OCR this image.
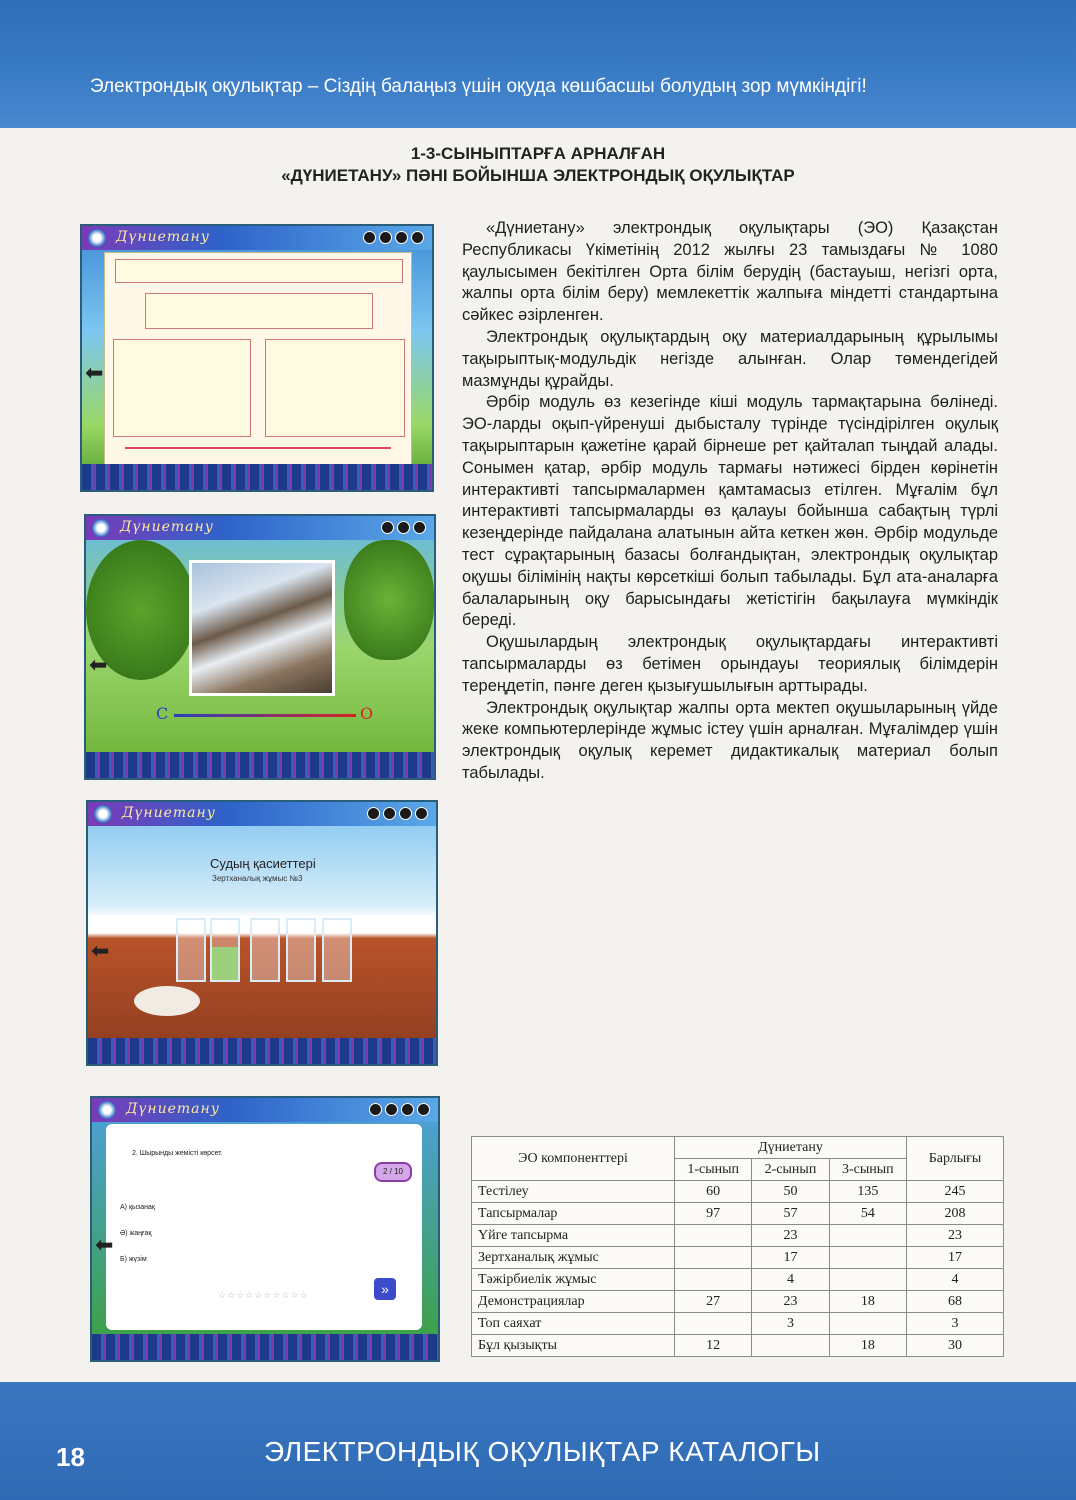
Электрондық оқулықтар – Сіздің балаңыз үшін оқуда көшбасшы болудың зор мүмкіндігі!
1-3-СЫНЫПТАРҒА АРНАЛҒАН
«ДҮНИЕТАНУ» ПӘНІ БОЙЫНША ЭЛЕКТРОНДЫҚ ОҚУЛЫҚТАР
Дүниетану
⬅
Дүниетану
С	О
⬅
Дүниетану
Судың қасиеттері
Зертханалық жұмыс №3
⬅
Дүниетану
2. Шырынды жемісті көрсет.
2 / 10
А) қызанақ
Ә) жаңғақ
Б) жүзім
☆☆☆☆☆☆☆☆☆☆	»
⬅

«Дүниетану» электрондық оқулықтары (ЭО) Қазақстан Республикасы Үкіметінің 2012 жылғы 23 тамыздағы № 1080 қаулысымен бекітілген Орта білім берудің (бастауыш, негізгі орта, жалпы орта білім беру) мемлекеттік жалпыға міндетті стандартына сәйкес әзірленген.

Электрондық оқулықтардың оқу материалдарының құрылымы тақырыптық-модульдік негізде алынған. Олар төмендегідей мазмұнды құрайды.

Әрбір модуль өз кезегінде кіші модуль тармақтарына бөлінеді. ЭО-ларды оқып-үйренуші дыбысталу түрінде түсіндірілген оқулық тақырыптарын қажетіне қарай бірнеше рет қайталап тыңдай алады. Сонымен қатар, әрбір модуль тармағы нәтижесі бірден көрінетін интерактивті тапсырмалармен қамтамасыз етілген. Мұғалім бұл интерактивті тапсырмаларды өз қалауы бойынша сабақтың түрлі кезеңдерінде пайдалана алатынын айта кеткен жөн. Әрбір модульде тест сұрақтарының базасы болғандықтан, электрондық оқулықтар оқушы білімінің нақты көрсеткіші болып табылады. Бұл ата-аналарға балаларының оқу барысындағы жетістігін бақылауға мүмкіндік береді.

Оқушылардың электрондық оқулықтардағы интерактивті тапсырмаларды өз бетімен орындауы теориялық білімдерін тереңдетіп, пәнге деген қызығушылығын арттырады.

Электрондық оқулықтар жалпы орта мектеп оқушыларының үйде жеке компьютерлерінде жұмыс істеу үшін арналған. Мұғалімдер үшін электрондық оқулық керемет дидактикалық материал болып табылады.

ЭО компоненттері	Дүниетану			Барлығы
	1-сынып	2-сынып	3-сынып	
Тестілеу	60	50	135	245
Тапсырмалар	97	57	54	208
Үйге тапсырма		23		23
Зертханалық жұмыс		17		17
Тәжірбиелік жұмыс		4		4
Демонстрациялар	27	23	18	68
Топ саяхат		3		3
Бұл қызықты	12		18	30
18	ЭЛЕКТРОНДЫҚ ОҚУЛЫҚТАР КАТАЛОГЫ
